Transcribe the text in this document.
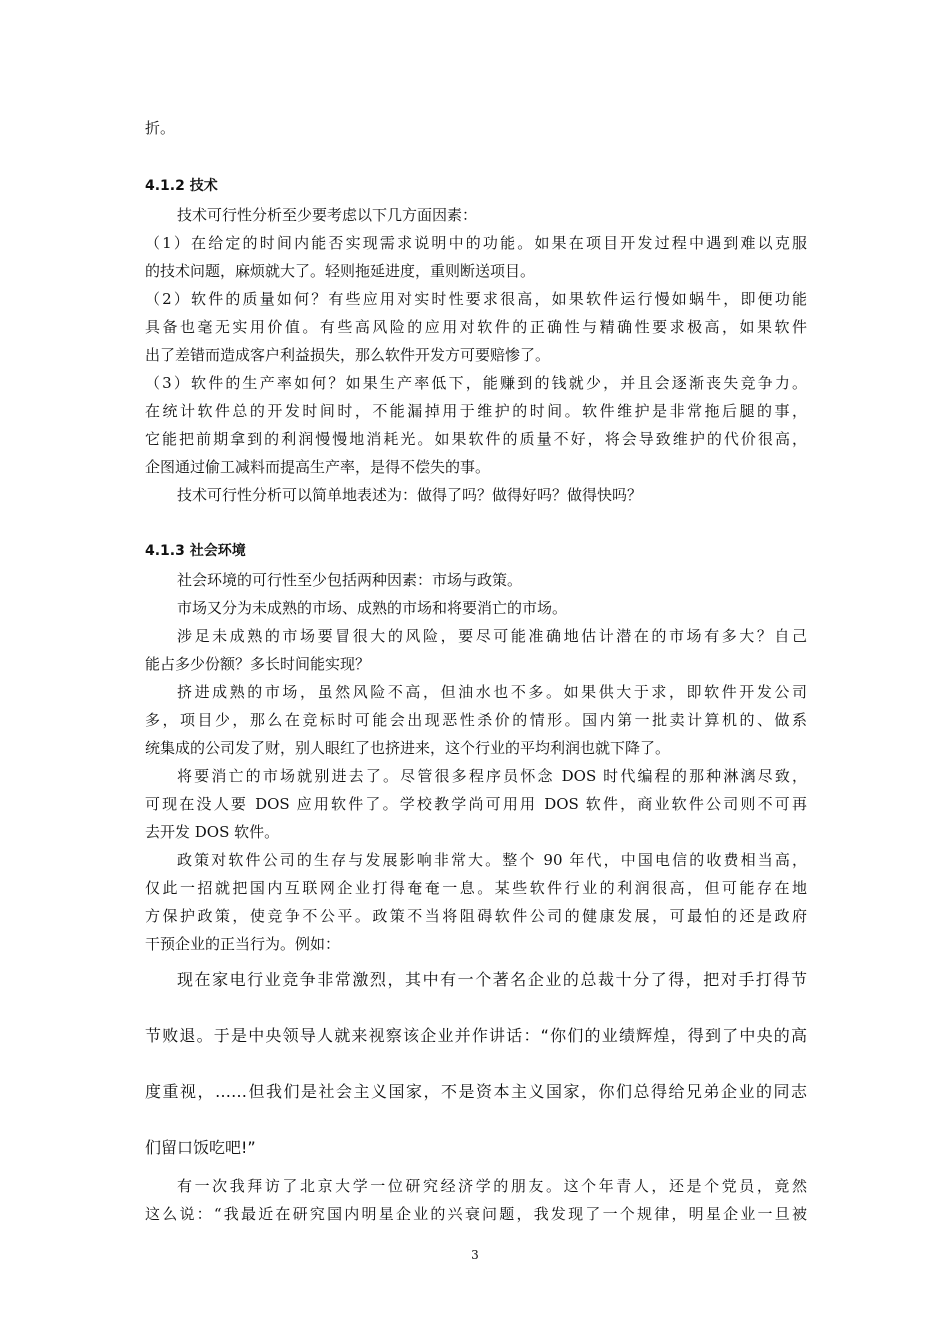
折。
4.1.2 技术
技术可行性分析至少要考虑以下几方面因素：
（1）在给定的时间内能否实现需求说明中的功能。如果在项目开发过程中遇到难以克服
的技术问题，麻烦就大了。轻则拖延进度，重则断送项目。
（2）软件的质量如何？有些应用对实时性要求很高，如果软件运行慢如蜗牛，即便功能
具备也毫无实用价值。有些高风险的应用对软件的正确性与精确性要求极高，如果软件
出了差错而造成客户利益损失，那么软件开发方可要赔惨了。
（3）软件的生产率如何？如果生产率低下，能赚到的钱就少，并且会逐渐丧失竞争力。
在统计软件总的开发时间时，不能漏掉用于维护的时间。软件维护是非常拖后腿的事，
它能把前期拿到的利润慢慢地消耗光。如果软件的质量不好，将会导致维护的代价很高，
企图通过偷工减料而提高生产率，是得不偿失的事。
技术可行性分析可以简单地表述为：做得了吗？做得好吗？做得快吗？
4.1.3 社会环境
社会环境的可行性至少包括两种因素：市场与政策。
市场又分为未成熟的市场、成熟的市场和将要消亡的市场。
涉足未成熟的市场要冒很大的风险，要尽可能准确地估计潜在的市场有多大？自己
能占多少份额？多长时间能实现？
挤进成熟的市场，虽然风险不高，但油水也不多。如果供大于求，即软件开发公司
多，项目少，那么在竞标时可能会出现恶性杀价的情形。国内第一批卖计算机的、做系
统集成的公司发了财，别人眼红了也挤进来，这个行业的平均利润也就下降了。
将要消亡的市场就别进去了。尽管很多程序员怀念 DOS 时代编程的那种淋漓尽致，
可现在没人要 DOS 应用软件了。学校教学尚可用用 DOS 软件，商业软件公司则不可再
去开发 DOS 软件。
政策对软件公司的生存与发展影响非常大。整个 90 年代，中国电信的收费相当高，
仅此一招就把国内互联网企业打得奄奄一息。某些软件行业的利润很高，但可能存在地
方保护政策，使竞争不公平。政策不当将阻碍软件公司的健康发展，可最怕的还是政府
干预企业的正当行为。例如：
现在家电行业竞争非常激烈，其中有一个著名企业的总裁十分了得，把对手打得节
节败退。于是中央领导人就来视察该企业并作讲话：“你们的业绩辉煌，得到了中央的高
度重视，……但我们是社会主义国家，不是资本主义国家，你们总得给兄弟企业的同志
们留口饭吃吧!”
有一次我拜访了北京大学一位研究经济学的朋友。这个年青人，还是个党员，竟然
这么说：“我最近在研究国内明星企业的兴衰问题，我发现了一个规律，明星企业一旦被
3
